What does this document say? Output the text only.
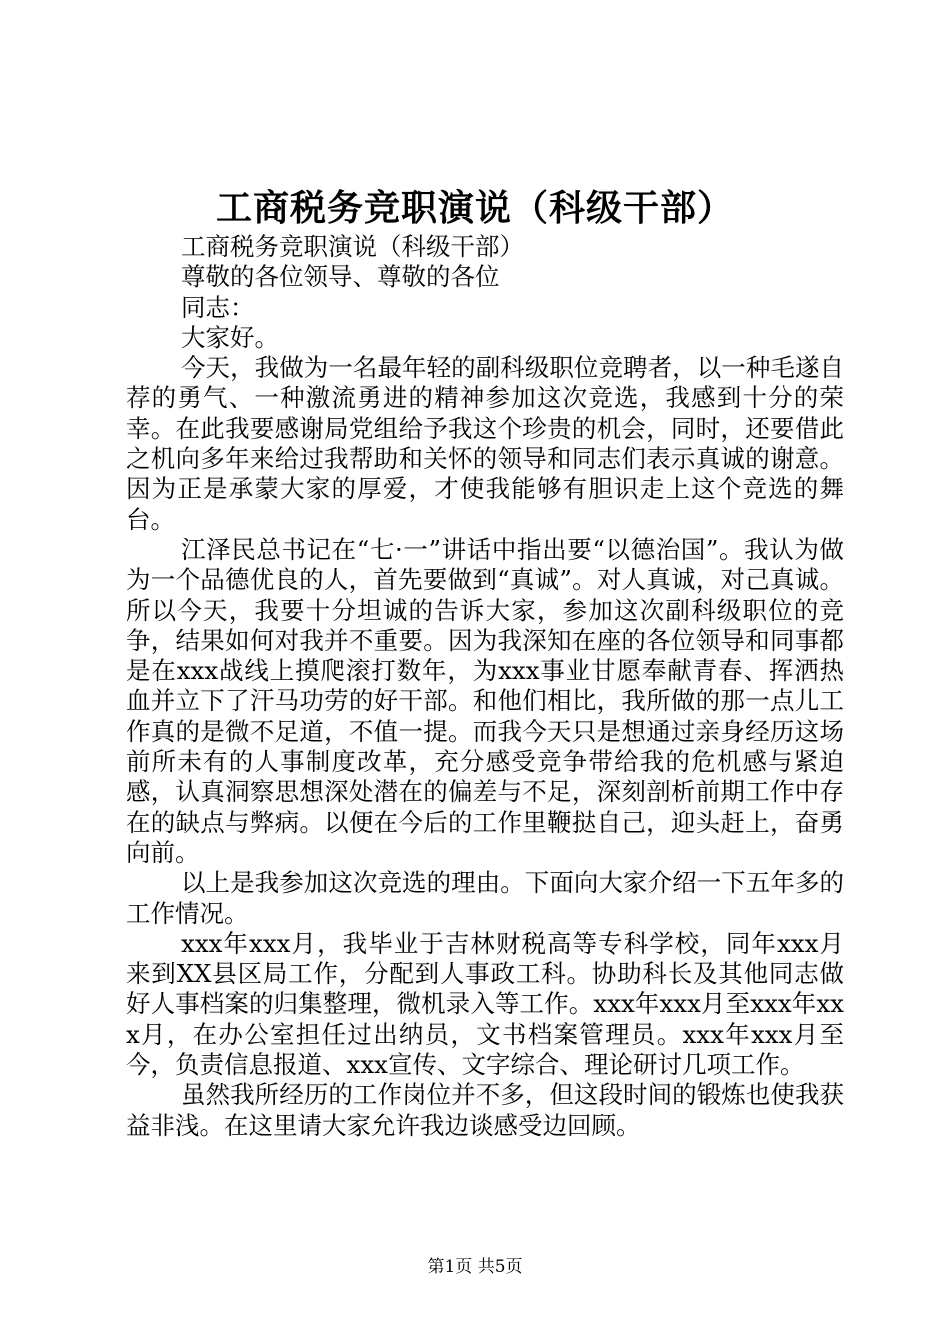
工商税务竞职演说（科级干部）

工商税务竞职演说（科级干部）

尊敬的各位领导、尊敬的各位

同志：

大家好。

今天，我做为一名最年轻的副科级职位竞聘者，以一种毛遂自荐的勇气、一种激流勇进的精神参加这次竞选，我感到十分的荣幸。在此我要感谢局党组给予我这个珍贵的机会，同时，还要借此之机向多年来给过我帮助和关怀的领导和同志们表示真诚的谢意。因为正是承蒙大家的厚爱，才使我能够有胆识走上这个竞选的舞台。

江泽民总书记在“七·一”讲话中指出要“以德治国”。我认为做为一个品德优良的人，首先要做到“真诚”。对人真诚，对己真诚。所以今天，我要十分坦诚的告诉大家，参加这次副科级职位的竞争，结果如何对我并不重要。因为我深知在座的各位领导和同事都是在xxx战线上摸爬滚打数年，为xxx事业甘愿奉献青春、挥洒热血并立下了汗马功劳的好干部。和他们相比，我所做的那一点儿工作真的是微不足道，不值一提。而我今天只是想通过亲身经历这场前所未有的人事制度改革，充分感受竞争带给我的危机感与紧迫感，认真洞察思想深处潜在的偏差与不足，深刻剖析前期工作中存在的缺点与弊病。以便在今后的工作里鞭挞自己，迎头赶上，奋勇向前。

以上是我参加这次竞选的理由。下面向大家介绍一下五年多的工作情况。

xxx年xxx月，我毕业于吉林财税高等专科学校，同年xxx月来到XX县区局工作，分配到人事政工科。协助科长及其他同志做好人事档案的归集整理，微机录入等工作。xxx年xxx月至xxx年xxx月，在办公室担任过出纳员，文书档案管理员。xxx年xxx月至今，负责信息报道、xxx宣传、文字综合、理论研讨几项工作。

虽然我所经历的工作岗位并不多，但这段时间的锻炼也使我获益非浅。在这里请大家允许我边谈感受边回顾。

第1页 共5页
